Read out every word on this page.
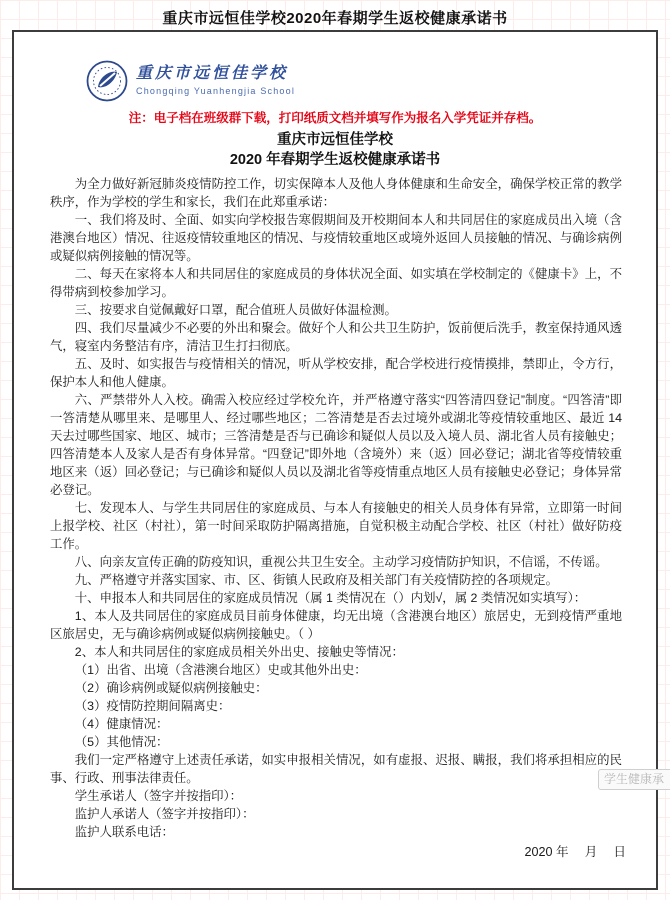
重庆市远恒佳学校2020年春期学生返校健康承诺书
重庆市远恒佳学校
Chongqing Yuanhengjia School
注：电子档在班级群下载，打印纸质文档并填写作为报名入学凭证并存档。
重庆市远恒佳学校
2020 年春期学生返校健康承诺书

为全力做好新冠肺炎疫情防控工作，切实保障本人及他人身体健康和生命安全，确保学校正常的教学秩序，作为学校的学生和家长，我们在此郑重承诺：

一、我们将及时、全面、如实向学校报告寒假期间及开校期间本人和共同居住的家庭成员出入境（含港澳台地区）情况、往返疫情较重地区的情况、与疫情较重地区或境外返回人员接触的情况、与确诊病例或疑似病例接触的情况等。

二、每天在家将本人和共同居住的家庭成员的身体状况全面、如实填在学校制定的《健康卡》上，不得带病到校参加学习。

三、按要求自觉佩戴好口罩，配合值班人员做好体温检测。

四、我们尽量减少不必要的外出和聚会。做好个人和公共卫生防护，饭前便后洗手，教室保持通风透气，寝室内务整洁有序，清洁卫生打扫彻底。

五、及时、如实报告与疫情相关的情况，听从学校安排，配合学校进行疫情摸排，禁即止，令方行，保护本人和他人健康。

六、严禁带外人入校。确需入校应经过学校允许，并严格遵守落实“四答清四登记”制度。“四答清”即一答清楚从哪里来、是哪里人、经过哪些地区；二答清楚是否去过境外或湖北等疫情较重地区、最近 14 天去过哪些国家、地区、城市；三答清楚是否与已确诊和疑似人员以及入境人员、湖北省人员有接触史；四答清楚本人及家人是否有身体异常。“四登记”即外地（含境外）来（返）回必登记；湖北省等疫情较重地区来（返）回必登记；与已确诊和疑似人员以及湖北省等疫情重点地区人员有接触史必登记；身体异常必登记。

七、发现本人、与学生共同居住的家庭成员、与本人有接触史的相关人员身体有异常，立即第一时间上报学校、社区（村社），第一时间采取防护隔离措施，自觉积极主动配合学校、社区（村社）做好防疫工作。

八、向亲友宣传正确的防疫知识，重视公共卫生安全。主动学习疫情防护知识，不信谣，不传谣。

九、严格遵守并落实国家、市、区、街镇人民政府及相关部门有关疫情防控的各项规定。

十、申报本人和共同居住的家庭成员情况（属 1 类情况在（）内划√，属 2 类情况如实填写）：

1、本人及共同居住的家庭成员目前身体健康，均无出境（含港澳台地区）旅居史，无到疫情严重地区旅居史，无与确诊病例或疑似病例接触史。（ ）

2、本人和共同居住的家庭成员相关外出史、接触史等情况：

（1）出省、出境（含港澳台地区）史或其他外出史：

（2）确诊病例或疑似病例接触史：

（3）疫情防控期间隔离史：

（4）健康情况：

（5）其他情况：

我们一定严格遵守上述责任承诺，如实申报相关情况，如有虚报、迟报、瞒报，我们将承担相应的民事、行政、刑事法律责任。

学生承诺人（签字并按指印）：

监护人承诺人（签字并按指印）：

监护人联系电话：

2020 年　 月　 日
学生健康承
